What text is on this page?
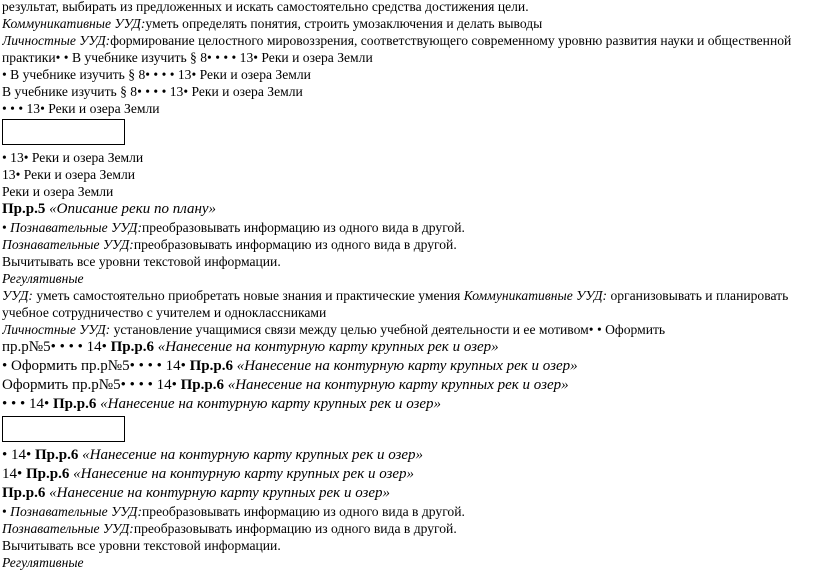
результат, выбирать из предложенных и искать самостоятельно средства достижения цели.
Коммуникативные УУД:уметь определять понятия, строить умозаключения и делать выводы
Личностные УУД:формирование целостного мировоззрения, соответствующего современному уровню развития науки и общественной практики• • В учебнике изучить § 8• • • • 13• Реки и озера Земли
• В учебнике изучить § 8• • • • 13• Реки и озера Земли
В учебнике изучить § 8• • • • 13• Реки и озера Земли
• • • 13• Реки и озера Земли
• 13• Реки и озера Земли
13• Реки и озера Земли
Реки и озера Земли
Пр.р.5 «Описание реки по плану»
• Познавательные УУД:преобразовывать информацию из одного вида в другой.
Познавательные УУД:преобразовывать информацию из одного вида в другой.
Вычитывать все уровни текстовой информации.
Регулятивные
УУД: уметь самостоятельно приобретать новые знания и практические умения Коммуникативные УУД: организовывать и планировать учебное сотрудничество с учителем и одноклассниками
Личностные УУД: установление учащимися связи между целью учебной деятельности и ее мотивом• • Оформить
пр.р№5• • • • 14• Пр.р.6 «Нанесение на контурную карту крупных рек и озер»
• Оформить пр.р№5• • • • 14• Пр.р.6 «Нанесение на контурную карту крупных рек и озер»
Оформить пр.р№5• • • • 14• Пр.р.6 «Нанесение на контурную карту крупных рек и озер»
• • • 14• Пр.р.6 «Нанесение на контурную карту крупных рек и озер»
• 14• Пр.р.6 «Нанесение на контурную карту крупных рек и озер»
14• Пр.р.6 «Нанесение на контурную карту крупных рек и озер»
Пр.р.6 «Нанесение на контурную карту крупных рек и озер»
• Познавательные УУД:преобразовывать информацию из одного вида в другой.
Познавательные УУД:преобразовывать информацию из одного вида в другой.
Вычитывать все уровни текстовой информации.
Регулятивные
